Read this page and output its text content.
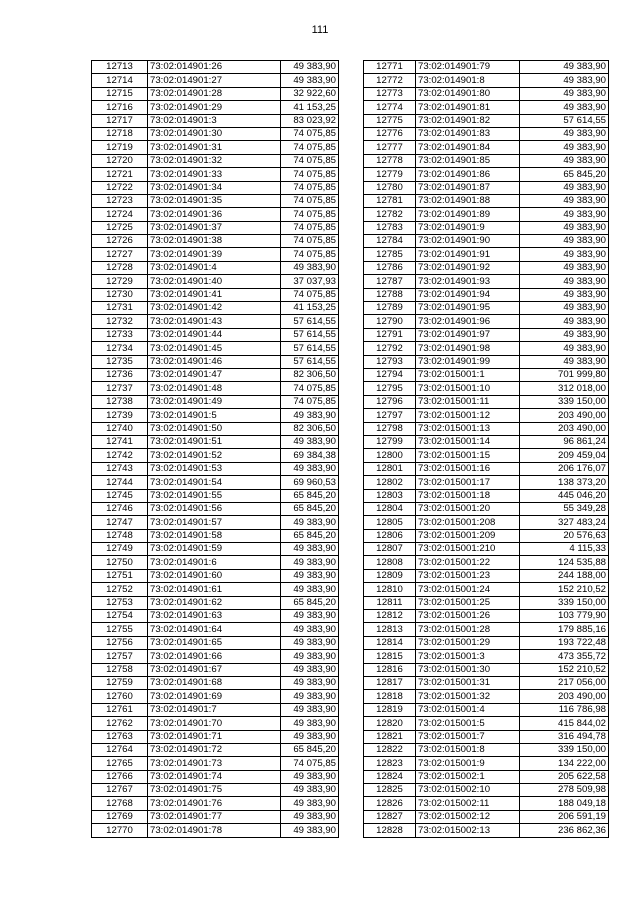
111
12713	73:02:014901:26	49 383,90
12714	73:02:014901:27	49 383,90
12715	73:02:014901:28	32 922,60
12716	73:02:014901:29	41 153,25
12717	73:02:014901:3	83 023,92
12718	73:02:014901:30	74 075,85
12719	73:02:014901:31	74 075,85
12720	73:02:014901:32	74 075,85
12721	73:02:014901:33	74 075,85
12722	73:02:014901:34	74 075,85
12723	73:02:014901:35	74 075,85
12724	73:02:014901:36	74 075,85
12725	73:02:014901:37	74 075,85
12726	73:02:014901:38	74 075,85
12727	73:02:014901:39	74 075,85
12728	73:02:014901:4	49 383,90
12729	73:02:014901:40	37 037,93
12730	73:02:014901:41	74 075,85
12731	73:02:014901:42	41 153,25
12732	73:02:014901:43	57 614,55
12733	73:02:014901:44	57 614,55
12734	73:02:014901:45	57 614,55
12735	73:02:014901:46	57 614,55
12736	73:02:014901:47	82 306,50
12737	73:02:014901:48	74 075,85
12738	73:02:014901:49	74 075,85
12739	73:02:014901:5	49 383,90
12740	73:02:014901:50	82 306,50
12741	73:02:014901:51	49 383,90
12742	73:02:014901:52	69 384,38
12743	73:02:014901:53	49 383,90
12744	73:02:014901:54	69 960,53
12745	73:02:014901:55	65 845,20
12746	73:02:014901:56	65 845,20
12747	73:02:014901:57	49 383,90
12748	73:02:014901:58	65 845,20
12749	73:02:014901:59	49 383,90
12750	73:02:014901:6	49 383,90
12751	73:02:014901:60	49 383,90
12752	73:02:014901:61	49 383,90
12753	73:02:014901:62	65 845,20
12754	73:02:014901:63	49 383,90
12755	73:02:014901:64	49 383,90
12756	73:02:014901:65	49 383,90
12757	73:02:014901:66	49 383,90
12758	73:02:014901:67	49 383,90
12759	73:02:014901:68	49 383,90
12760	73:02:014901:69	49 383,90
12761	73:02:014901:7	49 383,90
12762	73:02:014901:70	49 383,90
12763	73:02:014901:71	49 383,90
12764	73:02:014901:72	65 845,20
12765	73:02:014901:73	74 075,85
12766	73:02:014901:74	49 383,90
12767	73:02:014901:75	49 383,90
12768	73:02:014901:76	49 383,90
12769	73:02:014901:77	49 383,90
12770	73:02:014901:78	49 383,90
12771	73:02:014901:79	49 383,90
12772	73:02:014901:8	49 383,90
12773	73:02:014901:80	49 383,90
12774	73:02:014901:81	49 383,90
12775	73:02:014901:82	57 614,55
12776	73:02:014901:83	49 383,90
12777	73:02:014901:84	49 383,90
12778	73:02:014901:85	49 383,90
12779	73:02:014901:86	65 845,20
12780	73:02:014901:87	49 383,90
12781	73:02:014901:88	49 383,90
12782	73:02:014901:89	49 383,90
12783	73:02:014901:9	49 383,90
12784	73:02:014901:90	49 383,90
12785	73:02:014901:91	49 383,90
12786	73:02:014901:92	49 383,90
12787	73:02:014901:93	49 383,90
12788	73:02:014901:94	49 383,90
12789	73:02:014901:95	49 383,90
12790	73:02:014901:96	49 383,90
12791	73:02:014901:97	49 383,90
12792	73:02:014901:98	49 383,90
12793	73:02:014901:99	49 383,90
12794	73:02:015001:1	701 999,80
12795	73:02:015001:10	312 018,00
12796	73:02:015001:11	339 150,00
12797	73:02:015001:12	203 490,00
12798	73:02:015001:13	203 490,00
12799	73:02:015001:14	96 861,24
12800	73:02:015001:15	209 459,04
12801	73:02:015001:16	206 176,07
12802	73:02:015001:17	138 373,20
12803	73:02:015001:18	445 046,20
12804	73:02:015001:20	55 349,28
12805	73:02:015001:208	327 483,24
12806	73:02:015001:209	20 576,63
12807	73:02:015001:210	4 115,33
12808	73:02:015001:22	124 535,88
12809	73:02:015001:23	244 188,00
12810	73:02:015001:24	152 210,52
12811	73:02:015001:25	339 150,00
12812	73:02:015001:26	103 779,90
12813	73:02:015001:28	179 885,16
12814	73:02:015001:29	193 722,48
12815	73:02:015001:3	473 355,72
12816	73:02:015001:30	152 210,52
12817	73:02:015001:31	217 056,00
12818	73:02:015001:32	203 490,00
12819	73:02:015001:4	116 786,98
12820	73:02:015001:5	415 844,02
12821	73:02:015001:7	316 494,78
12822	73:02:015001:8	339 150,00
12823	73:02:015001:9	134 222,00
12824	73:02:015002:1	205 622,58
12825	73:02:015002:10	278 509,98
12826	73:02:015002:11	188 049,18
12827	73:02:015002:12	206 591,19
12828	73:02:015002:13	236 862,36
